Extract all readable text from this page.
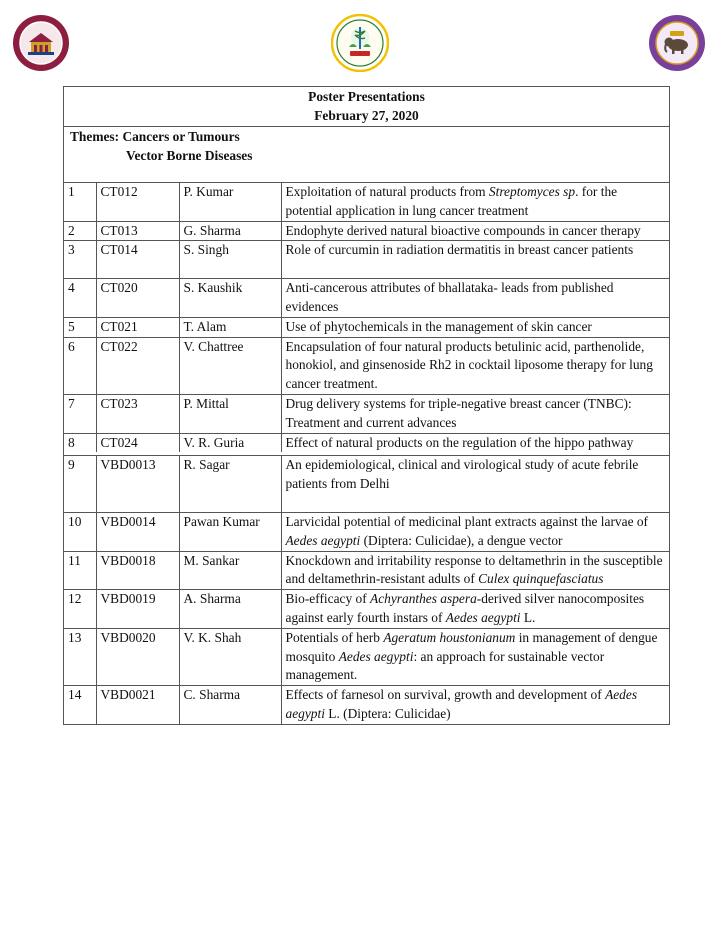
Poster Presentations
February 27, 2020
Themes: Cancers or Tumours
Vector Borne Diseases
1	CT012	P. Kumar	Exploitation of natural products from Streptomyces sp. for the potential application in lung cancer treatment
2	CT013	G. Sharma	Endophyte derived natural bioactive compounds in cancer therapy
3	CT014	S. Singh	Role of curcumin in radiation dermatitis in breast cancer patients
4	CT020	S. Kaushik	Anti-cancerous attributes of bhallataka- leads from published evidences
5	CT021	T. Alam	Use of phytochemicals in the management of skin cancer
6	CT022	V. Chattree	Encapsulation of four natural products betulinic acid, parthenolide, honokiol, and ginsenoside Rh2 in cocktail liposome therapy for lung cancer treatment.
7	CT023	P. Mittal	Drug delivery systems for triple-negative breast cancer (TNBC): Treatment and current advances
8	CT024	V. R. Guria	Effect of natural products on the regulation of the hippo pathway

9	VBD0013	R. Sagar	An epidemiological, clinical and virological study of acute febrile patients from Delhi
10	VBD0014	Pawan Kumar	Larvicidal potential of medicinal plant extracts against the larvae of Aedes aegypti (Diptera: Culicidae), a dengue vector
11	VBD0018	M. Sankar	Knockdown and irritability response to deltamethrin in the susceptible and deltamethrin-resistant adults of Culex quinquefasciatus
12	VBD0019	A. Sharma	Bio-efficacy of Achyranthes aspera-derived silver nanocomposites against early fourth instars of Aedes aegypti L.
13	VBD0020	V. K. Shah	Potentials of herb Ageratum houstonianum in management of dengue mosquito Aedes aegypti: an approach for sustainable vector management.
14	VBD0021	C. Sharma	Effects of farnesol on survival, growth and development of Aedes aegypti L. (Diptera: Culicidae)
